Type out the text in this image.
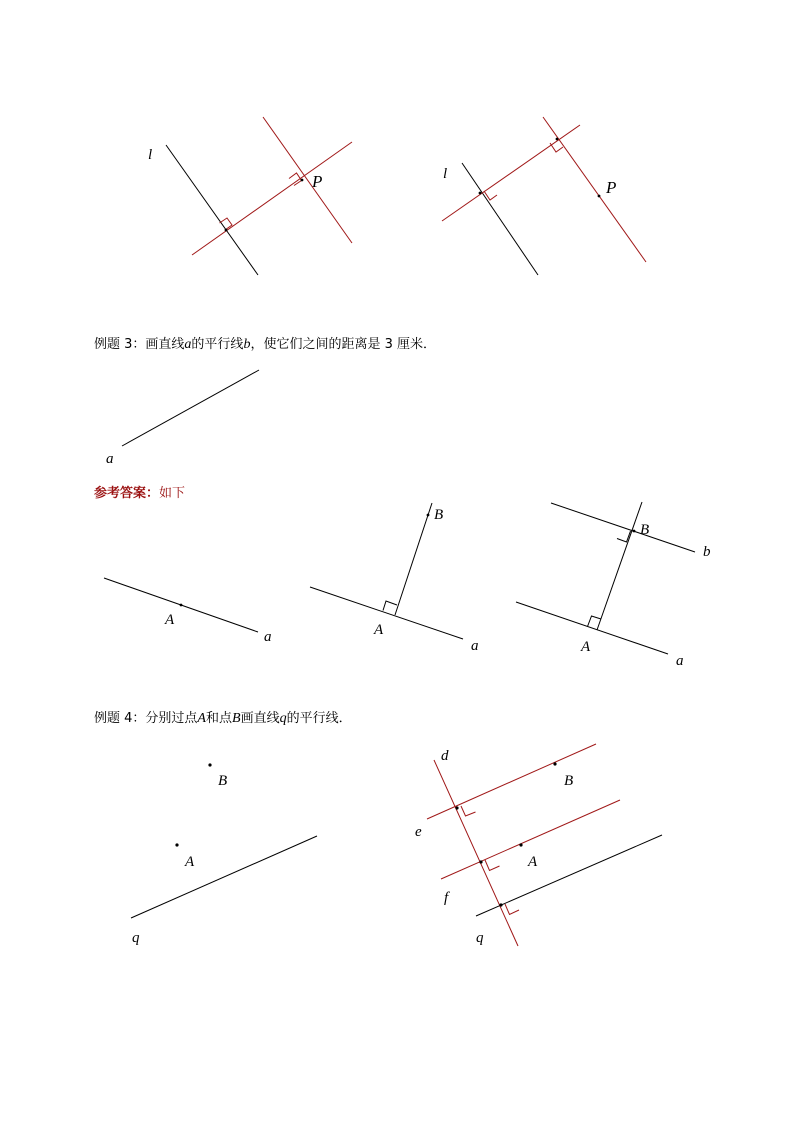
l
P	l
P
a
A
a
B
A
a
B
b
A
a
B
A
q
d
B
e
A
f
q
例题 3：画直线a的平行线b，使它们之间的距离是 3 厘米．
参考答案：如下
例题 4：分别过点A和点B画直线q的平行线．
